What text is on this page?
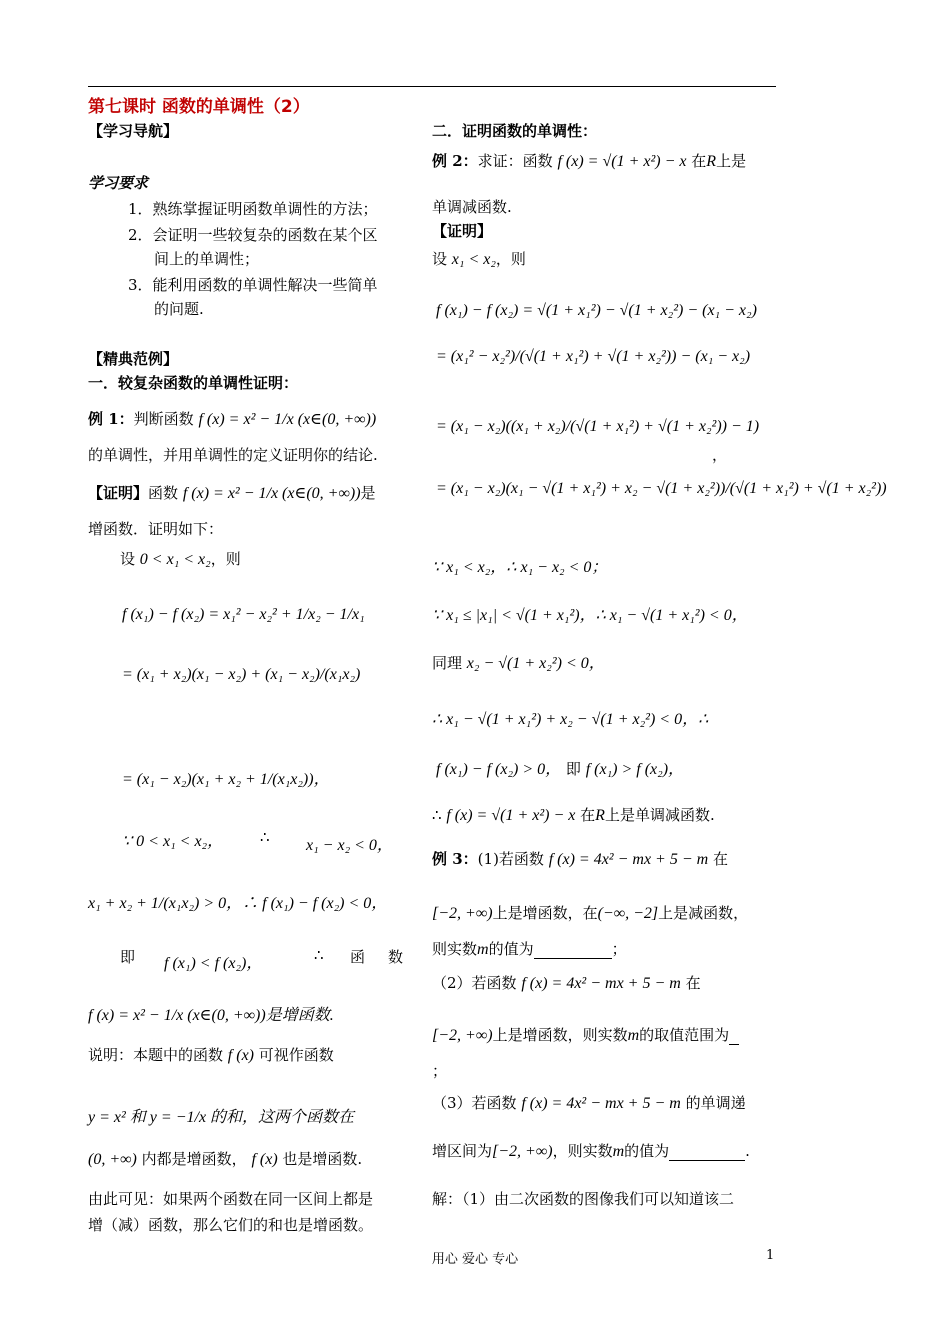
第七课时 函数的单调性（2）
【学习导航】
学习要求
1．熟练掌握证明函数单调性的方法；
2．会证明一些较复杂的函数在某个区
间上的单调性；
3．能利用函数的单调性解决一些简单
的问题.
【精典范例】
一．较复杂函数的单调性证明：
例 1：判断函数 f (x) = x² − 1/x (x∈(0, +∞))
的单调性，并用单调性的定义证明你的结论.
【证明】函数 f (x) = x² − 1/x (x∈(0, +∞))是
增函数．证明如下：
设 0 < x₁ < x₂，则
f (x₁) − f (x₂) = x₁² − x₂² + 1/x₂ − 1/x₁
= (x₁ + x₂)(x₁ − x₂) + (x₁ − x₂)/(x₁x₂)
= (x₁ − x₂)(x₁ + x₂ + 1/(x₁x₂))，
∵ 0 < x₁ < x₂， ∴ x₁ − x₂ < 0，
x₁ + x₂ + 1/(x₁x₂) > 0，∴ f (x₁) − f (x₂) < 0，
即 f (x₁) < f (x₂)，	∴ 函 数
f (x) = x² − 1/x (x∈(0, +∞))是增函数.
说明：本题中的函数 f (x) 可视作函数
y = x² 和 y = −1/x 的和，这两个函数在
(0, +∞) 内都是增函数， f (x) 也是增函数.
由此可见：如果两个函数在同一区间上都是
增（减）函数，那么它们的和也是增函数。
二．证明函数的单调性：
例 2：求证：函数 f (x) = √(1 + x²) − x 在R上是
单调减函数.
【证明】
设 x₁ < x₂，则
f (x₁) − f (x₂) = √(1 + x₁²) − √(1 + x₂²) − (x₁ − x₂)
= (x₁² − x₂²)/(√(1 + x₁²) + √(1 + x₂²)) − (x₁ − x₂)
= (x₁ − x₂)((x₁ + x₂)/(√(1 + x₁²) + √(1 + x₂²)) − 1)
，
= (x₁ − x₂)(x₁ − √(1 + x₁²) + x₂ − √(1 + x₂²))/(√(1 + x₁²) + √(1 + x₂²))
∵ x₁ < x₂，∴ x₁ − x₂ < 0；
∵ x₁ ≤ |x₁| < √(1 + x₁²)，∴ x₁ − √(1 + x₁²) < 0，
同理 x₂ − √(1 + x₂²) < 0，
∴ x₁ − √(1 + x₁²) + x₂ − √(1 + x₂²) < 0，∴
f (x₁) − f (x₂) > 0， 即 f (x₁) > f (x₂)，
∴ f (x) = √(1 + x²) − x 在R上是单调减函数.
例 3：(1)若函数 f (x) = 4x² − mx + 5 − m 在
[−2, +∞)上是增函数，在(−∞, −2]上是减函数，
则实数m的值为	；
（2）若函数 f (x) = 4x² − mx + 5 − m 在
[−2, +∞)上是增函数，则实数m的取值范围为
；
（3）若函数 f (x) = 4x² − mx + 5 − m 的单调递
增区间为[−2, +∞)，则实数m的值为	.
解：（1）由二次函数的图像我们可以知道该二
用心 爱心 专心	1
